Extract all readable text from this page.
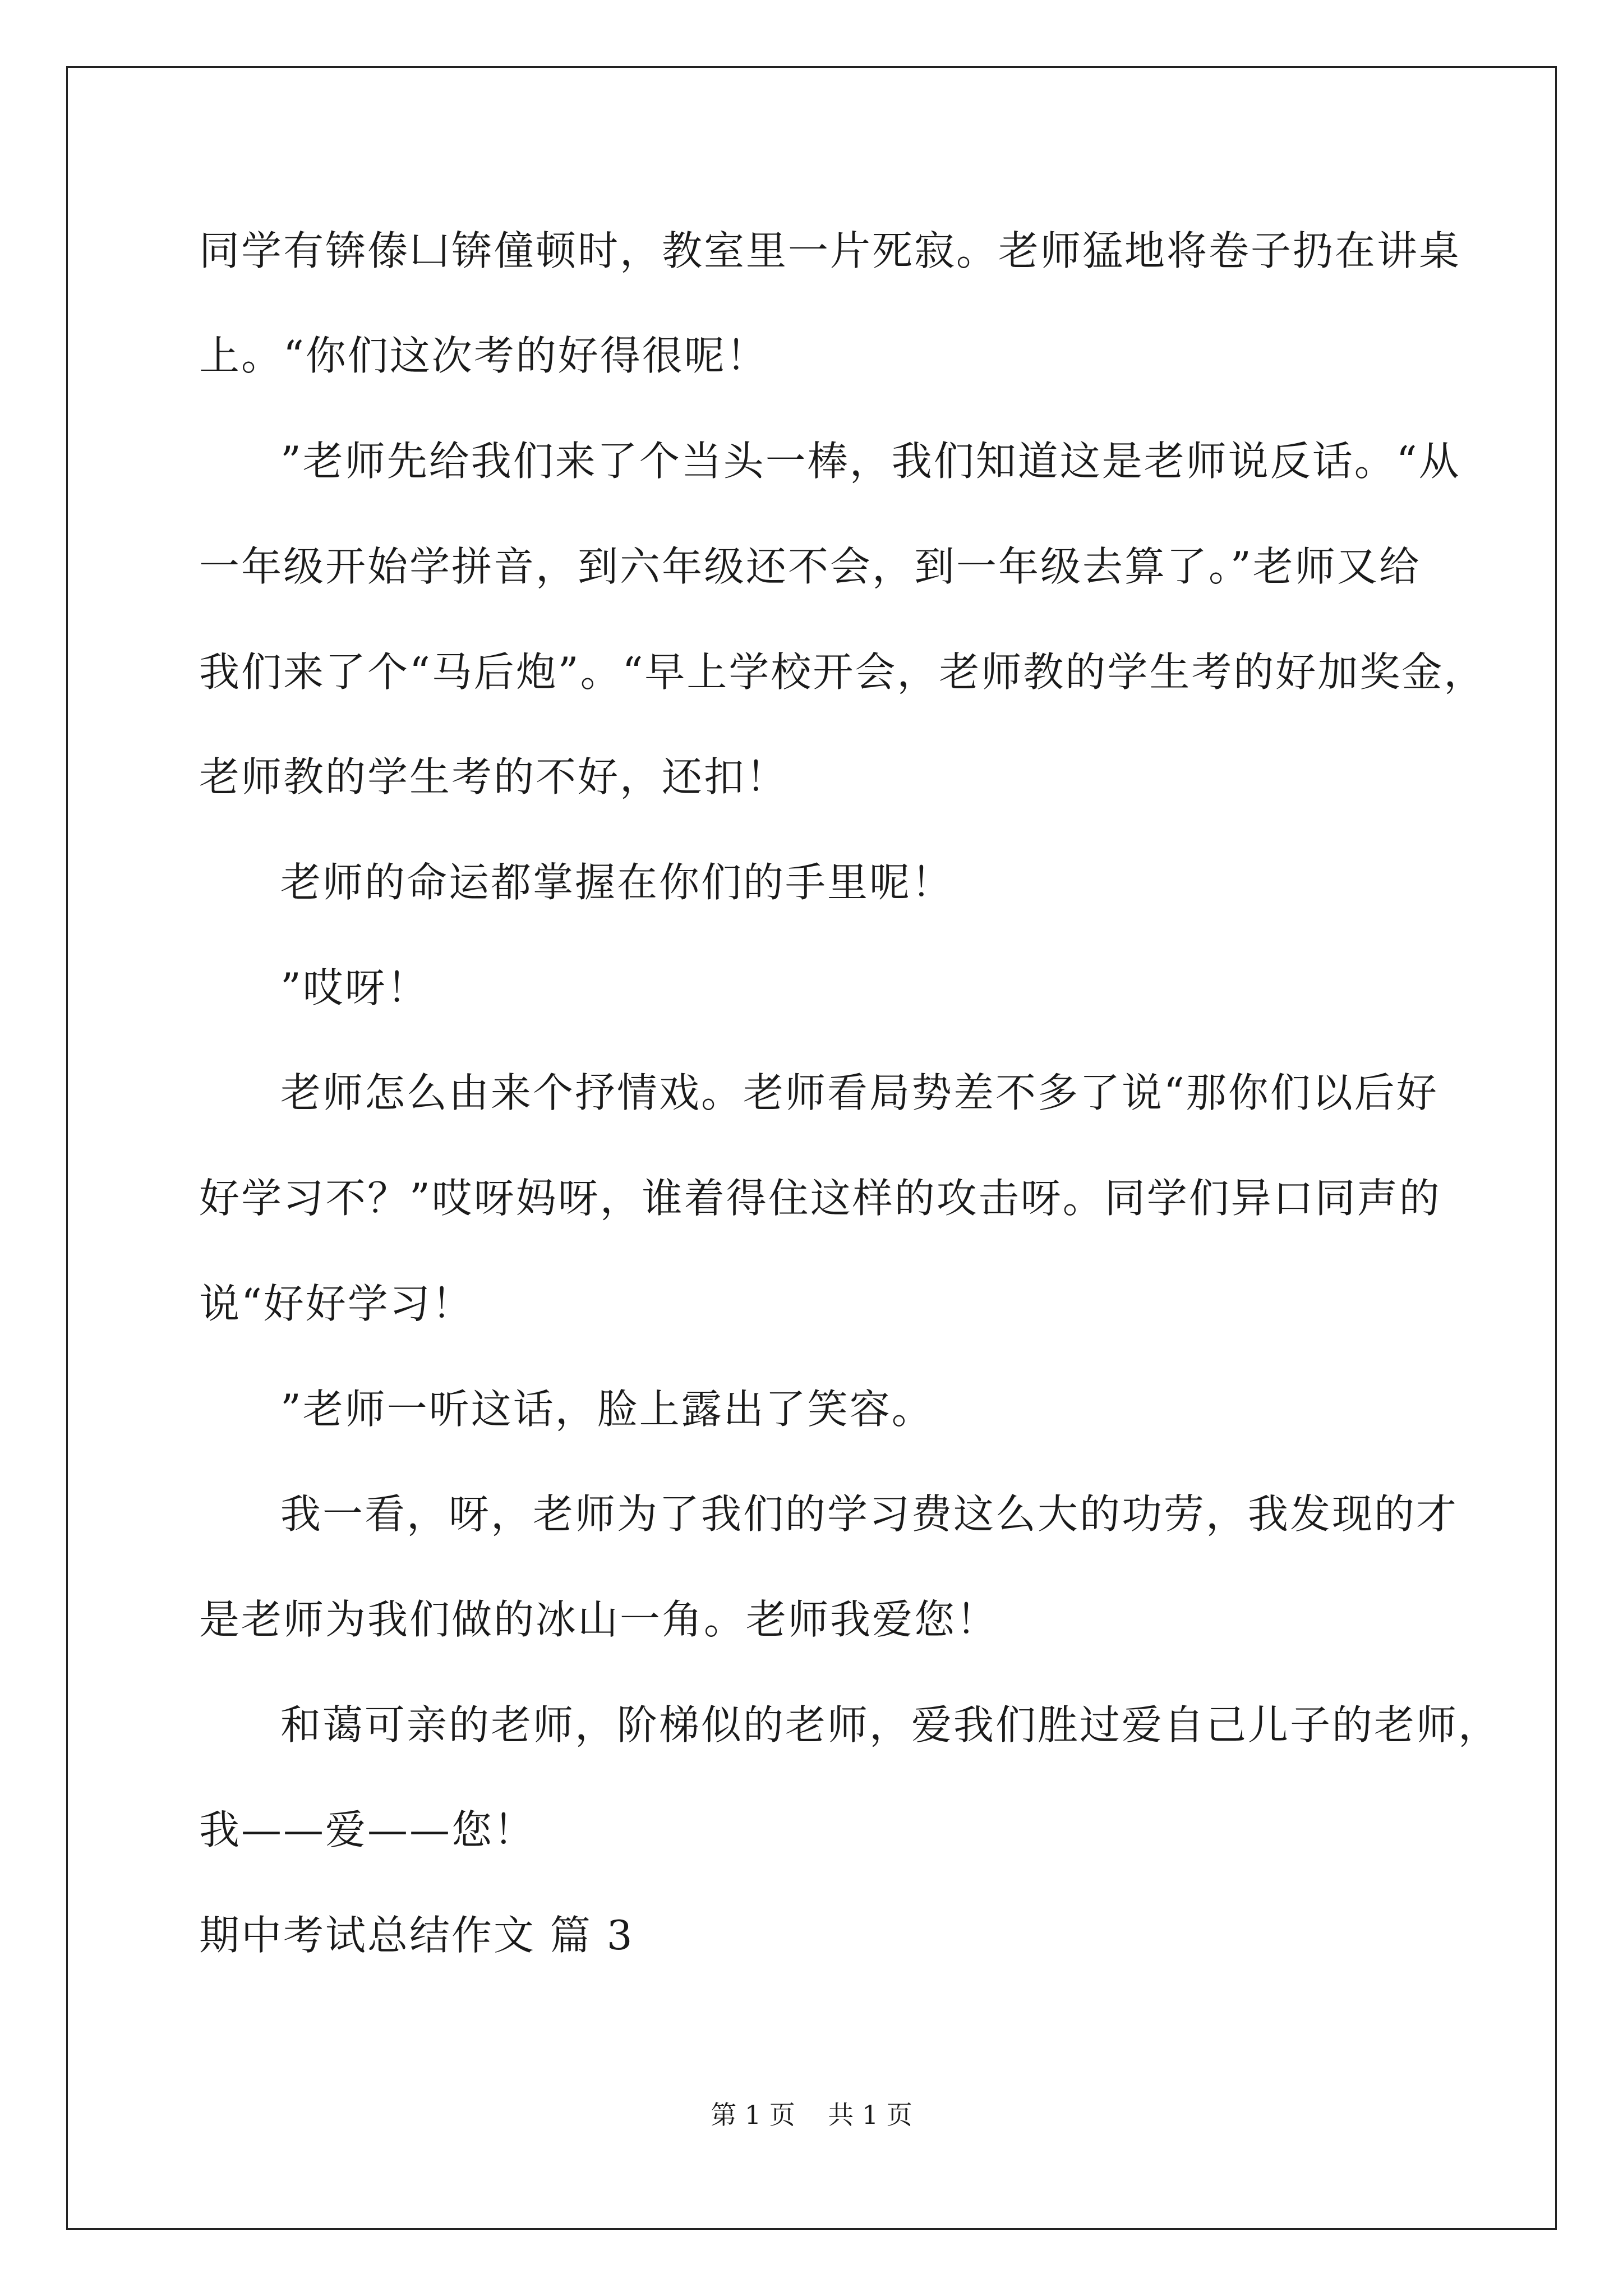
同学有锛傣凵锛僮顿时，教室里一片死寂。老师猛地将卷子扔在讲桌
上。“你们这次考的好得很呢！
”老师先给我们来了个当头一棒，我们知道这是老师说反话。“从
一年级开始学拼音，到六年级还不会，到一年级去算了。”老师又给
我们来了个“马后炮”。“早上学校开会，老师教的学生考的好加奖金，
老师教的学生考的不好，还扣！
老师的命运都掌握在你们的手里呢！
”哎呀！
老师怎么由来个抒情戏。老师看局势差不多了说“那你们以后好
好学习不？”哎呀妈呀，谁着得住这样的攻击呀。同学们异口同声的
说“好好学习！
”老师一听这话，脸上露出了笑容。
我一看，呀，老师为了我们的学习费这么大的功劳，我发现的才
是老师为我们做的冰山一角。老师我爱您！
和蔼可亲的老师，阶梯似的老师，爱我们胜过爱自己儿子的老师，
我——爱——您！
期中考试总结作文 篇 3
第 1 页    共 1 页
